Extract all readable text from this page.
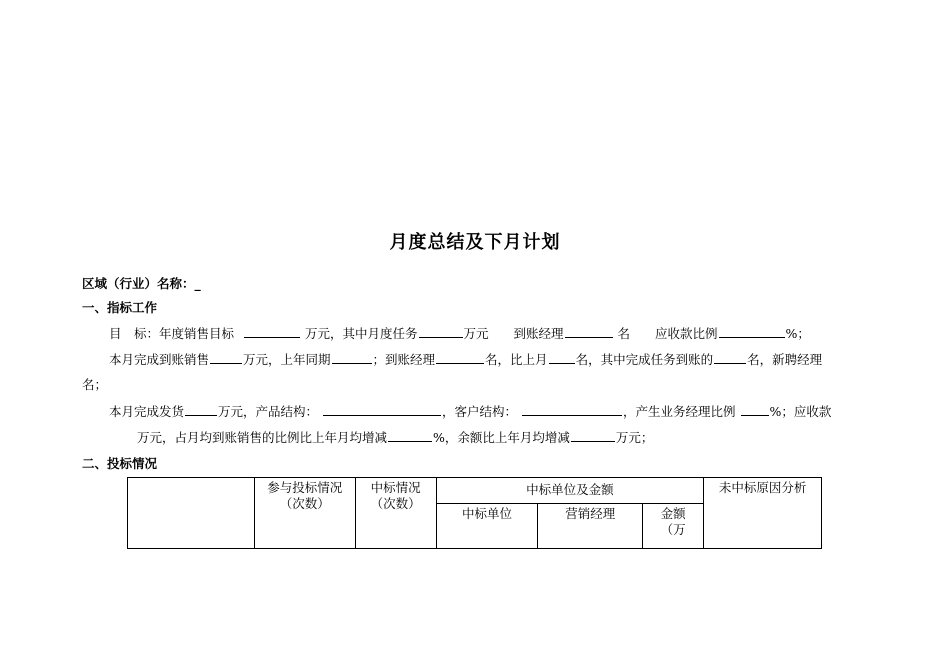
月度总结及下月计划
区域（行业）名称：_
一、指标工作
目　标：年度销售目标	万元，其中月度任务	万元　　到账经理	名　　应收款比例	%；
本月完成到账销售	万元，上年同期	；到账经理	名，比上月 名，其中完成任务到账的	名，新聘经理
名；
本月完成发货	万元，产品结构：	，客户结构：	，产生业务经理比例	%；应收款
万元，占月均到账销售的比例比上年月均增减	%，余额比上年月均增减	万元；
二、投标情况
	参与投标情况（次数）	中标情况（次数）	中标单位及金额			未中标原因分析
			中标单位	营销经理	金额（万	
